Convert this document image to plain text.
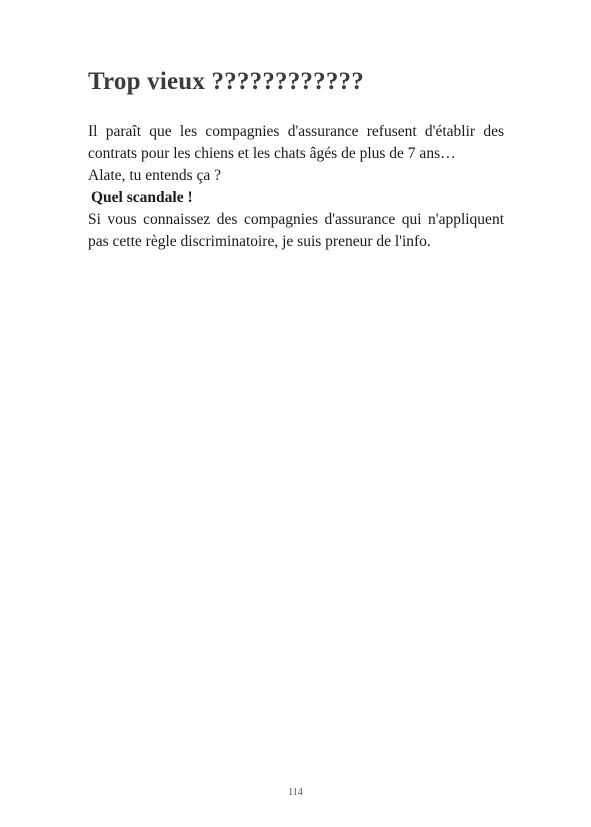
Trop vieux ????????????

Il paraît que les compagnies d'assurance refusent d'établir des contrats pour les chiens et les chats âgés de plus de 7 ans…

Alate, tu entends ça ?

Quel scandale !

Si vous connaissez des compagnies d'assurance qui n'appliquent pas cette règle discriminatoire, je suis preneur de l'info.

114
